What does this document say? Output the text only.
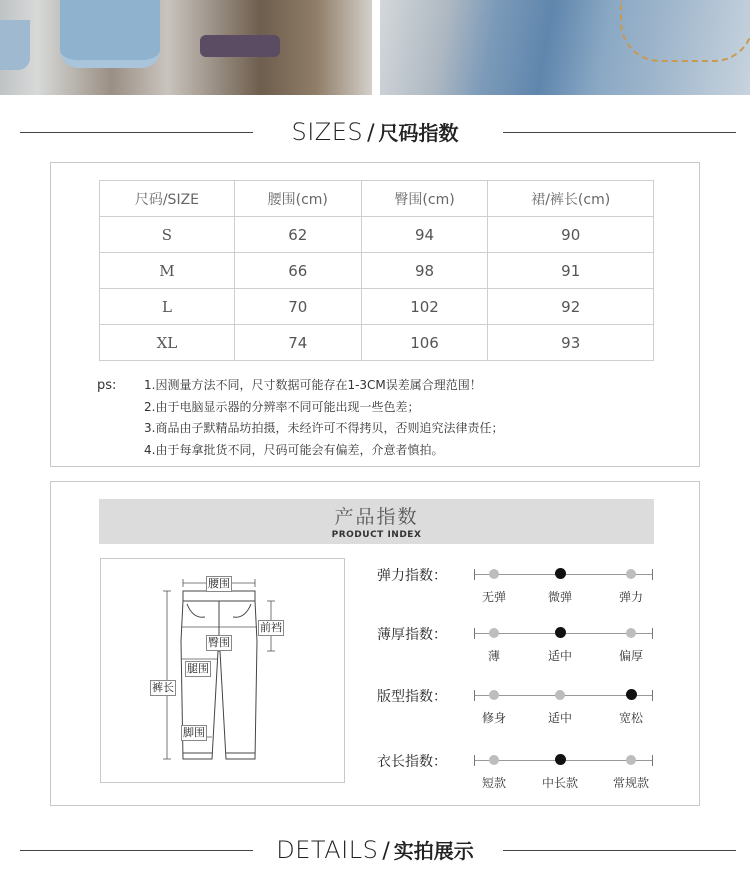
SIZES / 尺码指数
尺码/SIZE	腰围(cm)	臀围(cm)	裙/裤长(cm)
S	62	94	90
M	66	98	91
L	70	102	92
XL	74	106	93
ps: 1.因测量方法不同，尺寸数据可能存在1-3CM误差属合理范围！
2.由于电脑显示器的分辨率不同可能出现一些色差；
3.商品由子默精品坊拍摄，未经许可不得拷贝，否则追究法律责任；
4.由于每拿批货不同，尺码可能会有偏差，介意者慎拍。
产品指数
PRODUCT INDEX
腰围
前裆
臀围
腿围
裤长
脚围
弹力指数：
无弹	微弹	弹力
薄厚指数：
薄	适中	偏厚
版型指数：
修身	适中	宽松
衣长指数：
短款	中长款	常规款
DETAILS / 实拍展示
